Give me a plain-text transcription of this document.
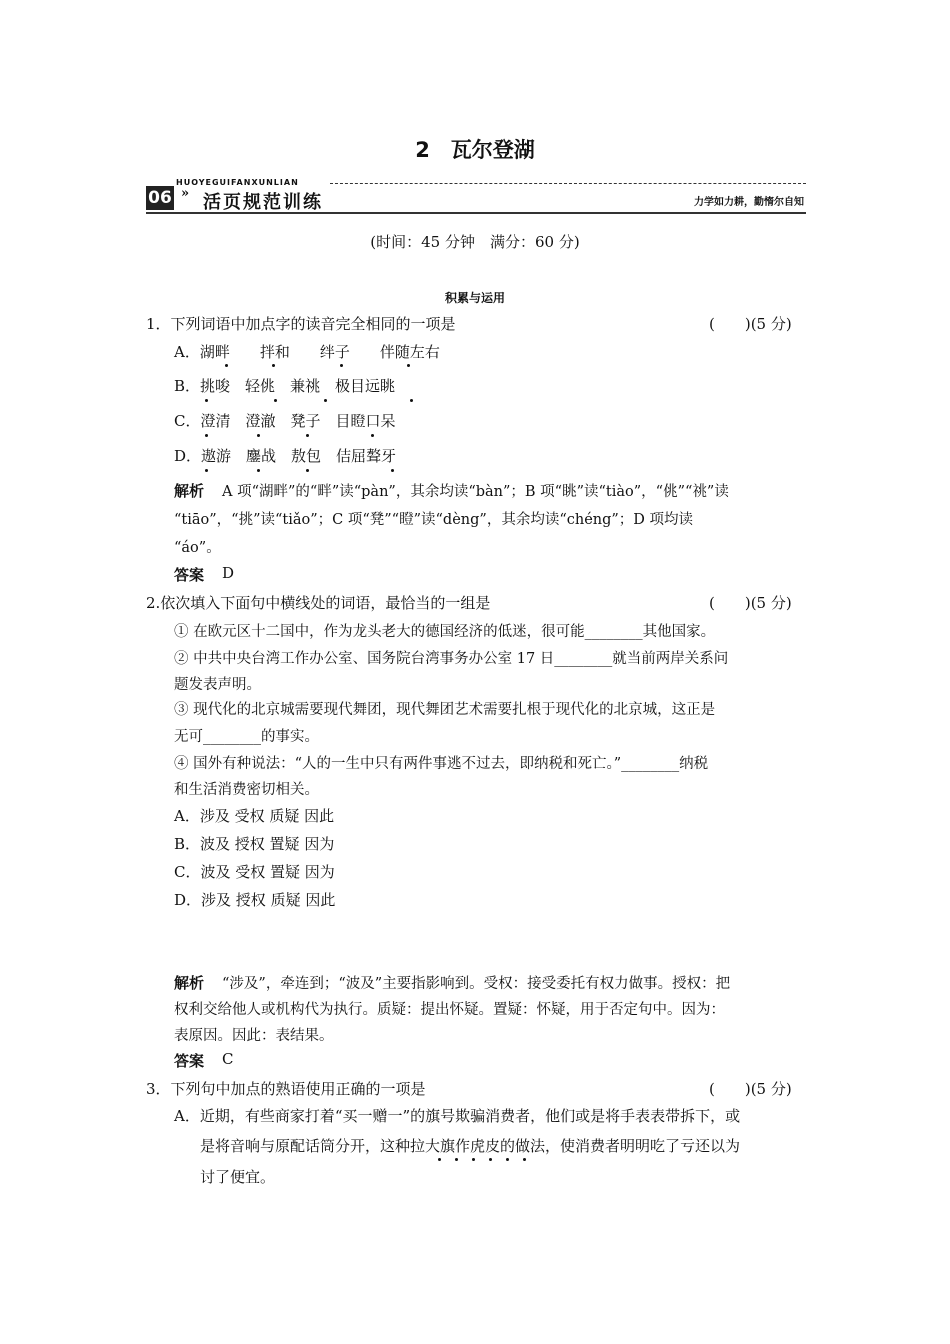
2　瓦尔登湖
HUOYEGUIFANXUNLIAN
06 » 活页规范训练	力学如力耕，勤惰尔自知
(时间：45 分钟　满分：60 分)
积累与运用
1．下列词语中加点字的读音完全相同的一项是	(　　)(5 分)
A．湖畔　　拌和　　绊子　　伴随左右
B．挑唆　轻佻　兼祧　极目远眺
C．澄清　澄澈　凳子　目瞪口呆
D．遨游　鏖战　敖包　佶屈聱牙
解析 A 项“湖畔”的“畔”读“pàn”，其余均读“bàn”；B 项“眺”读“tiào”，“佻”“祧”读
“tiāo”，“挑”读“tiǎo”；C 项“凳”“瞪”读“dèng”，其余均读“chéng”；D 项均读
“áo”。
答案 D
2.依次填入下面句中横线处的词语，最恰当的一组是	(　　)(5 分)
① 在欧元区十二国中，作为龙头老大的德国经济的低迷，很可能________其他国家。
② 中共中央台湾工作办公室、国务院台湾事务办公室 17 日________就当前两岸关系问
题发表声明。
③ 现代化的北京城需要现代舞团，现代舞团艺术需要扎根于现代化的北京城，这正是
无可________的事实。
④ 国外有种说法：“人的一生中只有两件事逃不过去，即纳税和死亡。”________纳税
和生活消费密切相关。
A．涉及 受权 质疑 因此
B．波及 授权 置疑 因为
C．波及 受权 置疑 因为
D．涉及 授权 质疑 因此
解析 “涉及”，牵连到；“波及”主要指影响到。受权：接受委托有权力做事。授权：把
权利交给他人或机构代为执行。质疑：提出怀疑。置疑：怀疑，用于否定句中。因为：
表原因。因此：表结果。
答案 C
3．下列句中加点的熟语使用正确的一项是	(　　)(5 分)
A．近期，有些商家打着“买一赠一”的旗号欺骗消费者，他们或是将手表表带拆下，或
是将音响与原配话筒分开，这种拉大旗作虎皮的做法，使消费者明明吃了亏还以为
讨了便宜。
